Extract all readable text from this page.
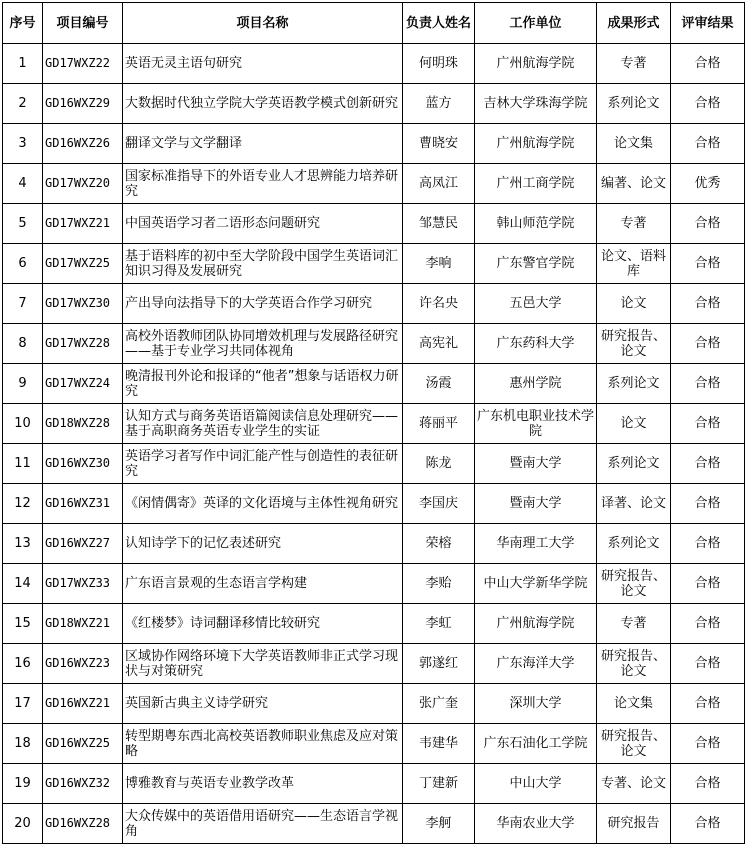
序号	项目编号	项目名称	负责人姓名	工作单位	成果形式	评审结果
1	GD17WXZ22	英语无灵主语句研究	何明珠	广州航海学院	专著	合格
2	GD16WXZ29	大数据时代独立学院大学英语教学模式创新研究	蓝方	吉林大学珠海学院	系列论文	合格
3	GD16WXZ26	翻译文学与文学翻译	曹晓安	广州航海学院	论文集	合格
4	GD17WXZ20	国家标准指导下的外语专业人才思辨能力培养研究	高凤江	广州工商学院	编著、论文	优秀
5	GD17WXZ21	中国英语学习者二语形态问题研究	邹慧民	韩山师范学院	专著	合格
6	GD17WXZ25	基于语料库的初中至大学阶段中国学生英语词汇知识习得及发展研究	李响	广东警官学院	论文、语料库	合格
7	GD17WXZ30	产出导向法指导下的大学英语合作学习研究	许名央	五邑大学	论文	合格
8	GD17WXZ28	高校外语教师团队协同增效机理与发展路径研究——基于专业学习共同体视角	高宪礼	广东药科大学	研究报告、论文	合格
9	GD17WXZ24	晚清报刊外论和报译的“他者”想象与话语权力研究	汤霞	惠州学院	系列论文	合格
10	GD18WXZ28	认知方式与商务英语语篇阅读信息处理研究——基于高职商务英语专业学生的实证	蒋丽平	广东机电职业技术学院	论文	合格
11	GD16WXZ30	英语学习者写作中词汇能产性与创造性的表征研究	陈龙	暨南大学	系列论文	合格
12	GD16WXZ31	《闲情偶寄》英译的文化语境与主体性视角研究	李国庆	暨南大学	译著、论文	合格
13	GD16WXZ27	认知诗学下的记忆表述研究	荣榕	华南理工大学	系列论文	合格
14	GD17WXZ33	广东语言景观的生态语言学构建	李贻	中山大学新华学院	研究报告、论文	合格
15	GD18WXZ21	《红楼梦》诗词翻译移情比较研究	李虹	广州航海学院	专著	合格
16	GD16WXZ23	区域协作网络环境下大学英语教师非正式学习现状与对策研究	郭遂红	广东海洋大学	研究报告、论文	合格
17	GD16WXZ21	英国新古典主义诗学研究	张广奎	深圳大学	论文集	合格
18	GD16WXZ25	转型期粤东西北高校英语教师职业焦虑及应对策略	韦建华	广东石油化工学院	研究报告、论文	合格
19	GD16WXZ32	博雅教育与英语专业教学改革	丁建新	中山大学	专著、论文	合格
20	GD16WXZ28	大众传媒中的英语借用语研究——生态语言学视角	李舸	华南农业大学	研究报告	合格
